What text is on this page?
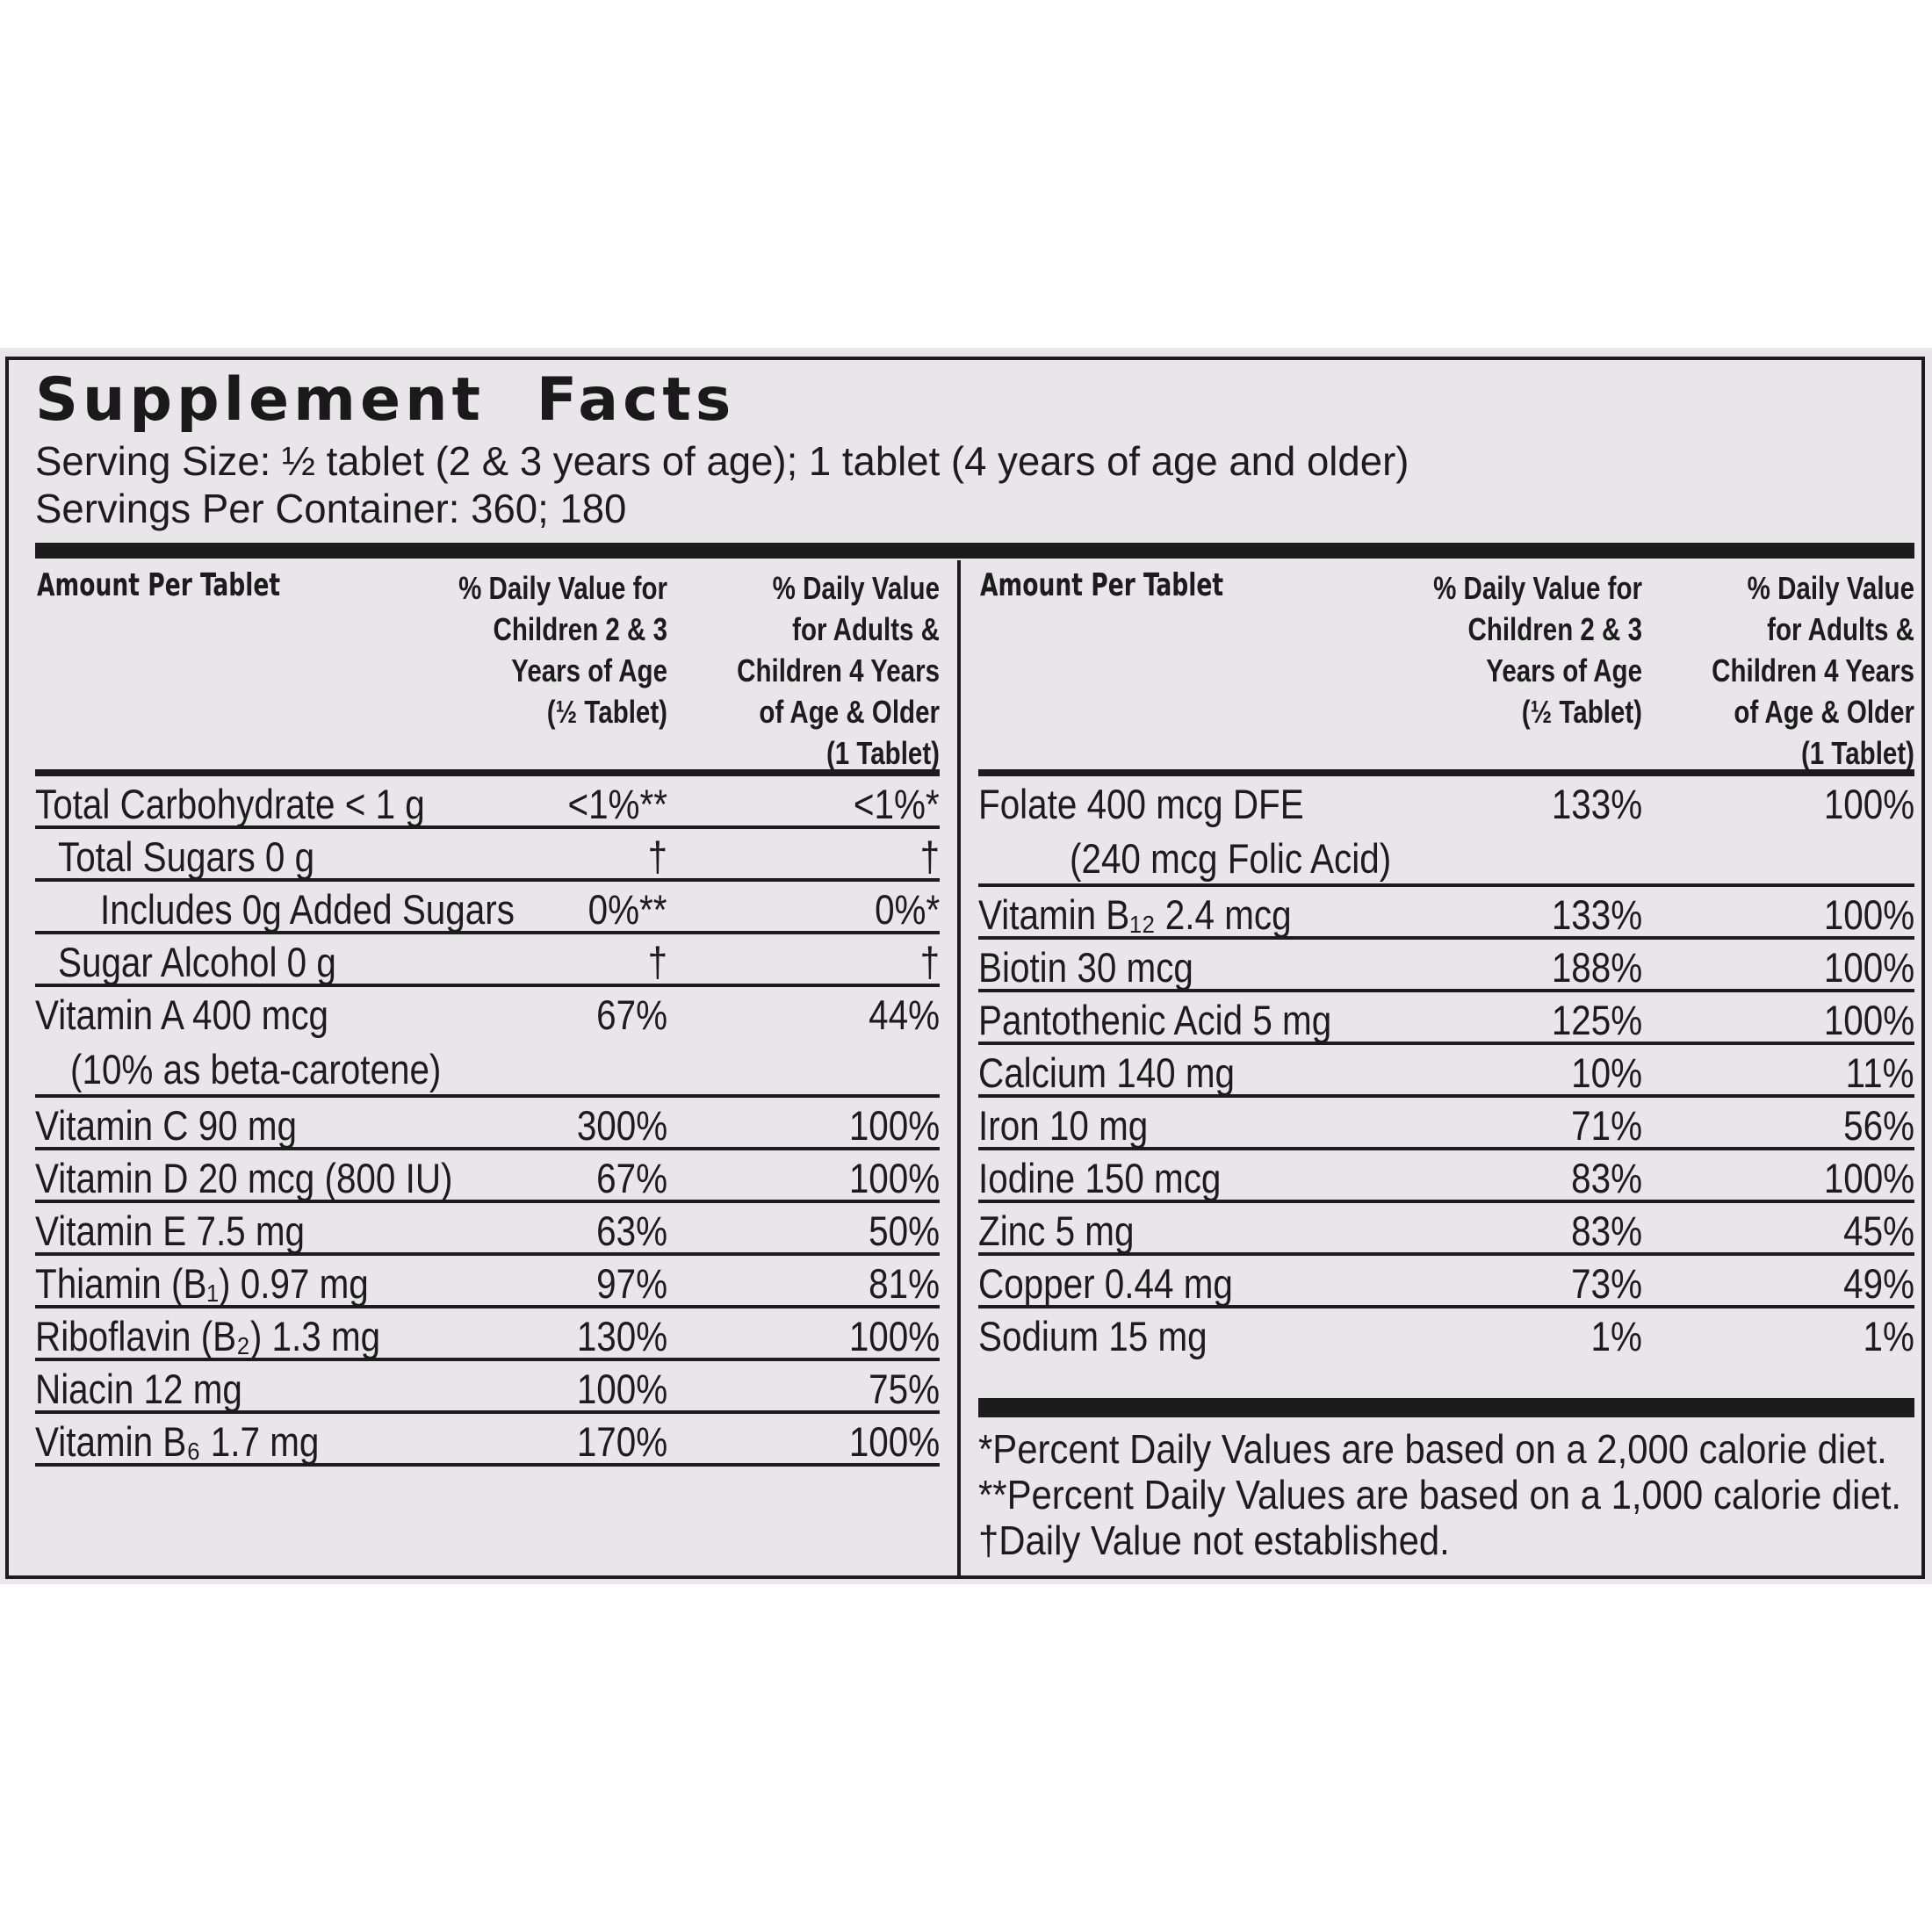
Supplement Facts
Serving Size: ½ tablet (2 & 3 years of age); 1 tablet (4 years of age and older)
Servings Per Container: 360; 180
Amount Per Tablet	% Daily Value for
Children 2 & 3
Years of Age
(½ Tablet)
% Daily Value
for Adults &
Children 4 Years
of Age & Older
(1 Tablet)
Total Carbohydrate < 1 g	<1%**	<1%*
Total Sugars 0 g	†	†
Includes 0g Added Sugars 0%**	0%*
Sugar Alcohol 0 g	†	†
Vitamin A 400 mcg
(10% as beta-carotene)
67%	44%
Vitamin C 90 mg	300%	100%
Vitamin D 20 mcg (800 IU)	67%	100%
Vitamin E 7.5 mg	63%	50%
Thiamin (B₁) 0.97 mg	97%	81%
Riboflavin (B₂) 1.3 mg	130%	100%
Niacin 12 mg	100%	75%
Vitamin B₆ 1.7 mg	170%	100%
Amount Per Tablet	% Daily Value for
Children 2 & 3
Years of Age
(½ Tablet)
% Daily Value
for Adults &
Children 4 Years
of Age & Older
(1 Tablet)
Folate 400 mcg DFE
(240 mcg Folic Acid)
133%	100%
Vitamin B₁₂ 2.4 mcg	133%	100%
Biotin 30 mcg	188%	100%
Pantothenic Acid 5 mg	125%	100%
Calcium 140 mg	10%	11%
Iron 10 mg	71%	56%
Iodine 150 mcg	83%	100%
Zinc 5 mg	83%	45%
Copper 0.44 mg	73%	49%
Sodium 15 mg	1%	1%
*Percent Daily Values are based on a 2,000 calorie diet.
**Percent Daily Values are based on a 1,000 calorie diet.
†Daily Value not established.
